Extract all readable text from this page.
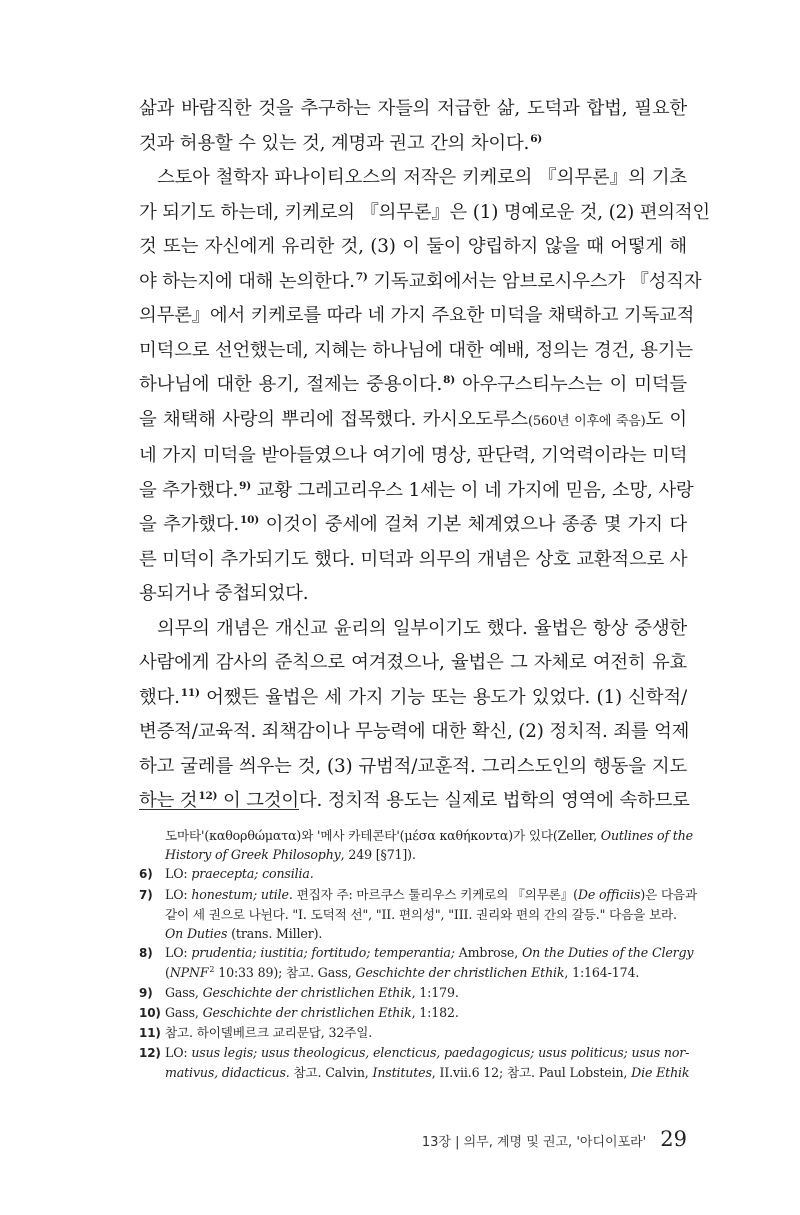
삶과 바람직한 것을 추구하는 자들의 저급한 삶, 도덕과 합법, 필요한
것과 허용할 수 있는 것, 계명과 권고 간의 차이다.$^{6)}$
스토아 철학자 파나이티오스의 저작은 키케로의 『의무론』의 기초
가 되기도 하는데, 키케로의 『의무론』은 (1) 명예로운 것, (2) 편의적인
것 또는 자신에게 유리한 것, (3) 이 둘이 양립하지 않을 때 어떻게 해
야 하는지에 대해 논의한다.$^{7)}$ 기독교회에서는 암브로시우스가 『성직자
의무론』에서 키케로를 따라 네 가지 주요한 미덕을 채택하고 기독교적
미덕으로 선언했는데, 지혜는 하나님에 대한 예배, 정의는 경건, 용기는
하나님에 대한 용기, 절제는 중용이다.$^{8)}$ 아우구스티누스는 이 미덕들
을 채택해 사랑의 뿌리에 접목했다. 카시오도루스(560년 이후에 죽음)도 이
네 가지 미덕을 받아들였으나 여기에 명상, 판단력, 기억력이라는 미덕
을 추가했다.$^{9)}$ 교황 그레고리우스 1세는 이 네 가지에 믿음, 소망, 사랑
을 추가했다.$^{10)}$ 이것이 중세에 걸쳐 기본 체계였으나 종종 몇 가지 다
른 미덕이 추가되기도 했다. 미덕과 의무의 개념은 상호 교환적으로 사
용되거나 중첩되었다.
의무의 개념은 개신교 윤리의 일부이기도 했다. 율법은 항상 중생한
사람에게 감사의 준칙으로 여겨졌으나, 율법은 그 자체로 여전히 유효
했다.$^{11)}$ 어쨌든 율법은 세 가지 기능 또는 용도가 있었다. (1) 신학적/
변증적/교육적. 죄책감이나 무능력에 대한 확신, (2) 정치적. 죄를 억제
하고 굴레를 씌우는 것, (3) 규범적/교훈적. 그리스도인의 행동을 지도
하는 것$^{12)}$ 이 그것이다. 정치적 용도는 실제로 법학의 영역에 속하므로
도마타'(καθορθώματα)와 '메사 카테콘타'(μέσα καθήκοντα)가 있다(Zeller, Outlines of the
History of Greek Philosophy, 249 [§71]).
6) LO: praecepta; consilia.
7) LO: honestum; utile. 편집자 주: 마르쿠스 툴리우스 키케로의 『의무론』(De officiis)은 다음과
같이 세 권으로 나뉜다. "I. 도덕적 선", "II. 편의성", "III. 권리와 편의 간의 갈등." 다음을 보라.
On Duties (trans. Miller).
8) LO: prudentia; iustitia; fortitudo; temperantia; Ambrose, On the Duties of the Clergy
(NPNF$^2$ 10:33 89); 참고. Gass, Geschichte der christlichen Ethik, 1:164-174.
9) Gass, Geschichte der christlichen Ethik, 1:179.
10) Gass, Geschichte der christlichen Ethik, 1:182.
11) 참고. 하이델베르크 교리문답, 32주일.
12) LO: usus legis; usus theologicus, elencticus, paedagogicus; usus politicus; usus nor-
mativus, didacticus. 참고. Calvin, Institutes, II.vii.6 12; 참고. Paul Lobstein, Die Ethik
13장 | 의무, 계명 및 권고, '아디이포라' 29
